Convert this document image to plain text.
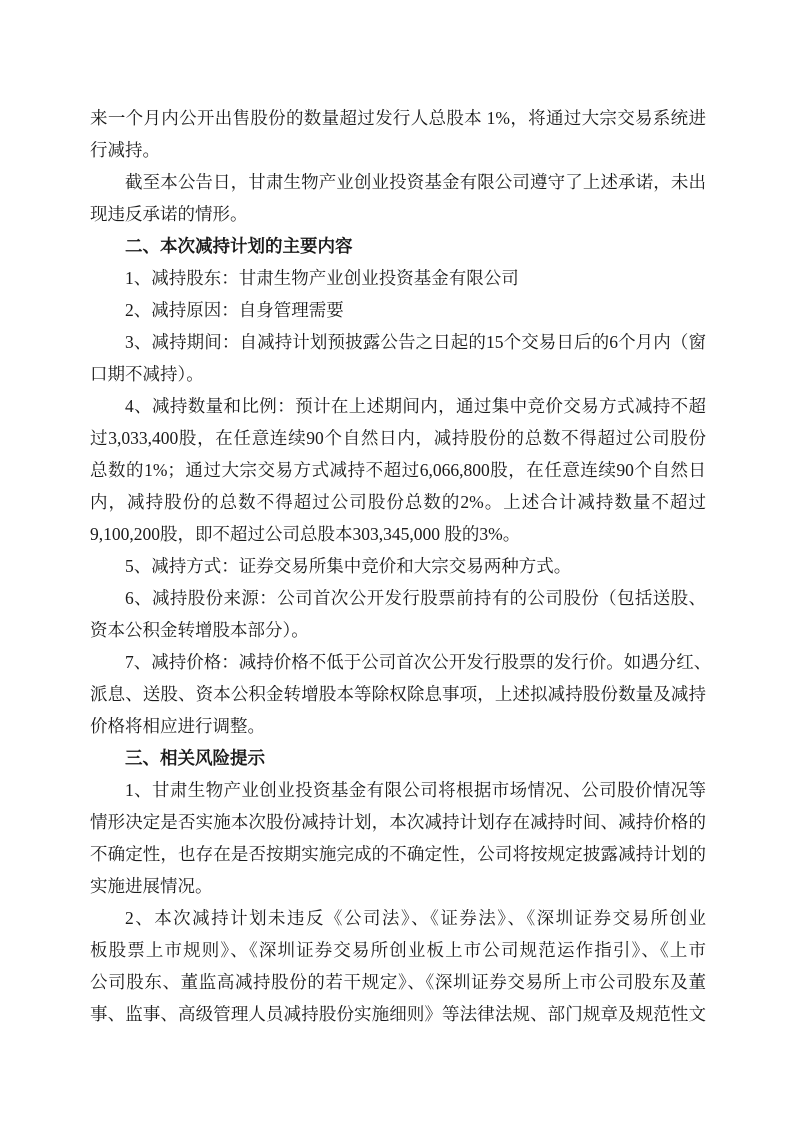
来一个月内公开出售股份的数量超过发行人总股本 1%，将通过大宗交易系统进
行减持。
截至本公告日，甘肃生物产业创业投资基金有限公司遵守了上述承诺，未出
现违反承诺的情形。
二、本次减持计划的主要内容
1、减持股东：甘肃生物产业创业投资基金有限公司
2、减持原因：自身管理需要
3、减持期间：自减持计划预披露公告之日起的15个交易日后的6个月内（窗
口期不减持）。
4、减持数量和比例：预计在上述期间内，通过集中竞价交易方式减持不超
过3,033,400股，在任意连续90个自然日内，减持股份的总数不得超过公司股份
总数的1%；通过大宗交易方式减持不超过6,066,800股，在任意连续90个自然日
内，减持股份的总数不得超过公司股份总数的2%。上述合计减持数量不超过
9,100,200股，即不超过公司总股本303,345,000 股的3%。
5、减持方式：证券交易所集中竞价和大宗交易两种方式。
6、减持股份来源：公司首次公开发行股票前持有的公司股份（包括送股、
资本公积金转增股本部分）。
7、减持价格：减持价格不低于公司首次公开发行股票的发行价。如遇分红、
派息、送股、资本公积金转增股本等除权除息事项，上述拟减持股份数量及减持
价格将相应进行调整。
三、相关风险提示
1、甘肃生物产业创业投资基金有限公司将根据市场情况、公司股价情况等
情形决定是否实施本次股份减持计划，本次减持计划存在减持时间、减持价格的
不确定性，也存在是否按期实施完成的不确定性，公司将按规定披露减持计划的
实施进展情况。
2、本次减持计划未违反《公司法》、《证券法》、《深圳证券交易所创业
板股票上市规则》、《深圳证券交易所创业板上市公司规范运作指引》、《上市
公司股东、董监高减持股份的若干规定》、《深圳证券交易所上市公司股东及董
事、监事、高级管理人员减持股份实施细则》等法律法规、部门规章及规范性文
